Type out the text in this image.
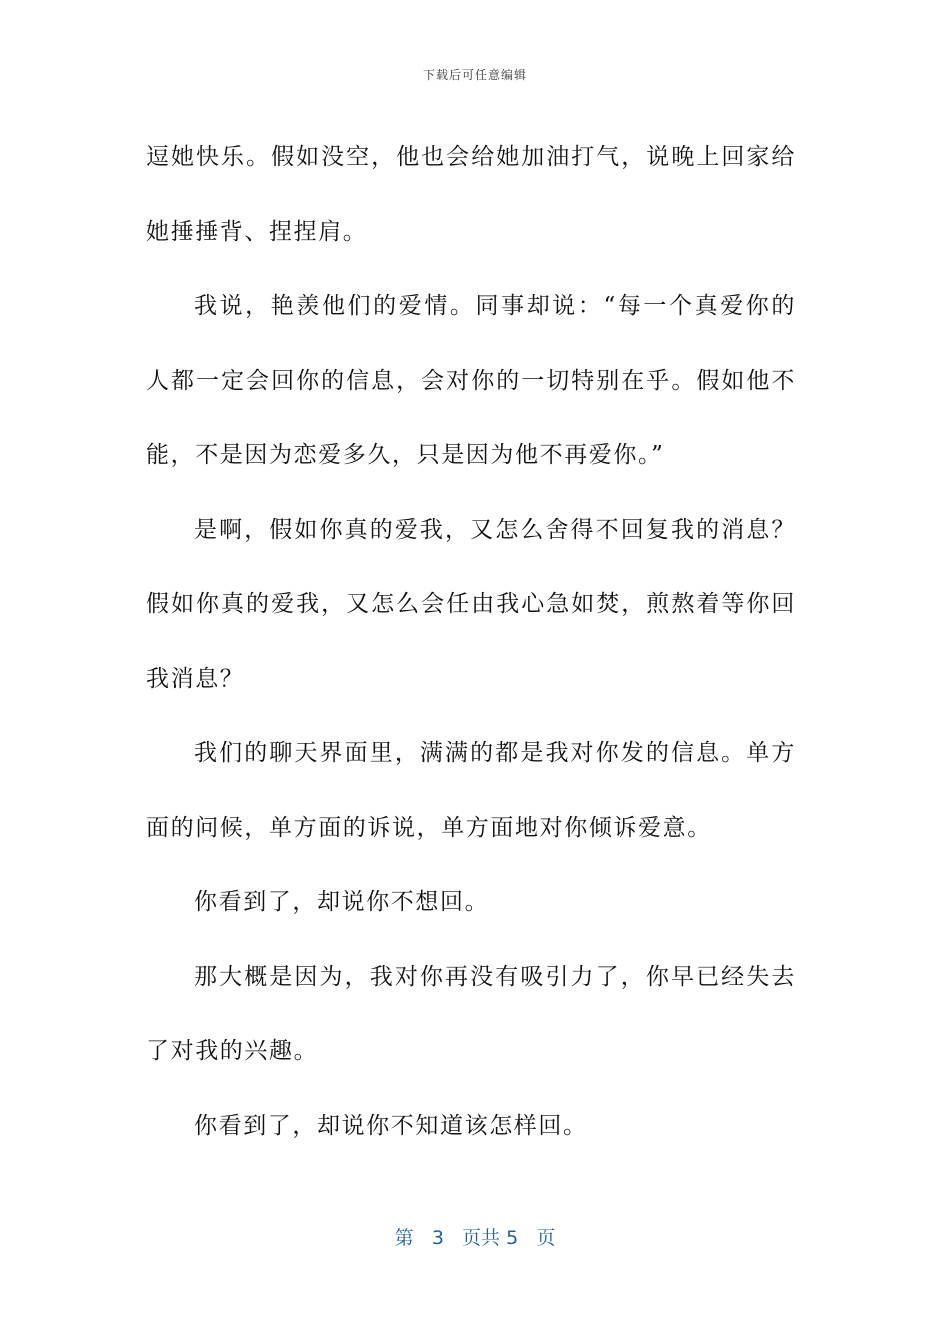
下载后可任意编辑

逗她快乐。假如没空，他也会给她加油打气，说晚上回家给她捶捶背、捏捏肩。

我说，艳羡他们的爱情。同事却说：“每一个真爱你的人都一定会回你的信息，会对你的一切特别在乎。假如他不能，不是因为恋爱多久，只是因为他不再爱你。”

是啊，假如你真的爱我，又怎么舍得不回复我的消息？假如你真的爱我，又怎么会任由我心急如焚，煎熬着等你回我消息？

我们的聊天界面里，满满的都是我对你发的信息。单方面的问候，单方面的诉说，单方面地对你倾诉爱意。

你看到了，却说你不想回。

那大概是因为，我对你再没有吸引力了，你早已经失去了对我的兴趣。

你看到了，却说你不知道该怎样回。

第 3 页共 5 页
